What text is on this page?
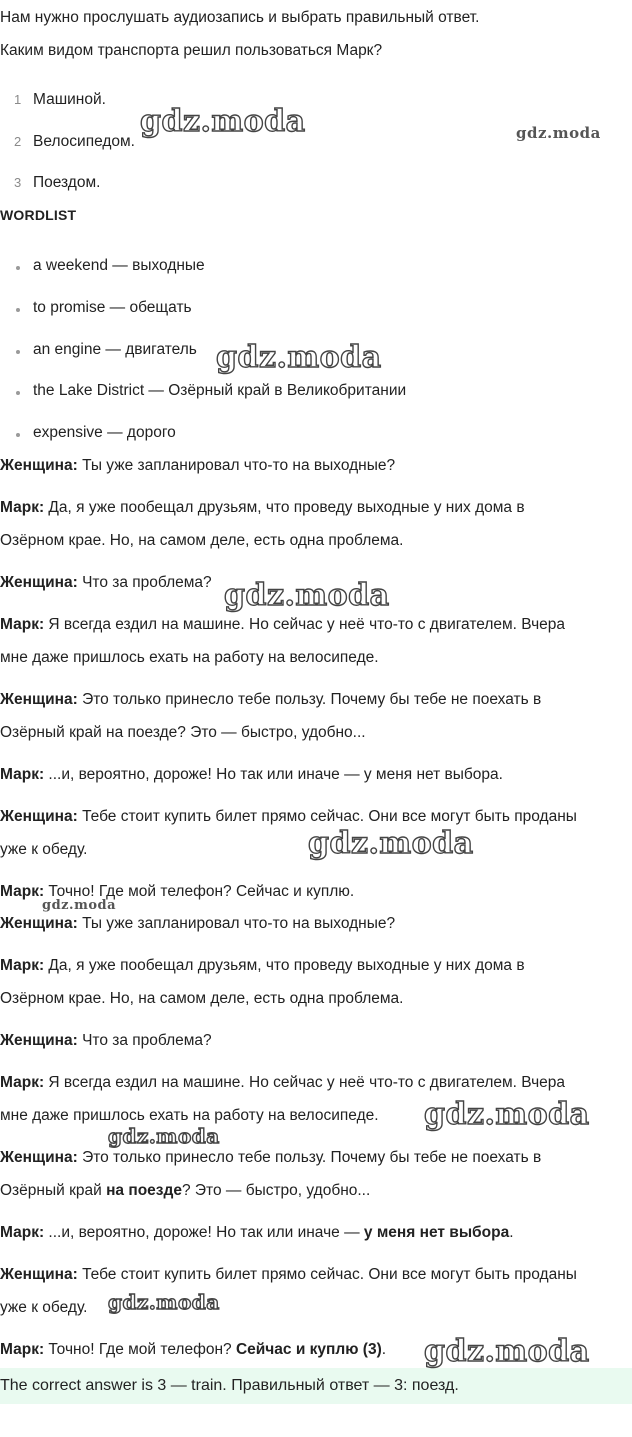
Нам нужно прослушать аудиозапись и выбрать правильный ответ.
Каким видом транспорта решил пользоваться Марк?
1 Машиной.
2 Велосипедом.
3 Поездом.
WORDLIST
a weekend — выходные
to promise — обещать
an engine — двигатель
the Lake District — Озёрный край в Великобритании
expensive — дорого
Женщина: Ты уже запланировал что-то на выходные?
Марк: Да, я уже пообещал друзьям, что проведу выходные у них дома в
Озёрном крае. Но, на самом деле, есть одна проблема.
Женщина: Что за проблема?
Марк: Я всегда ездил на машине. Но сейчас у неё что-то с двигателем. Вчера
мне даже пришлось ехать на работу на велосипеде.
Женщина: Это только принесло тебе пользу. Почему бы тебе не поехать в
Озёрный край на поезде? Это — быстро, удобно...
Марк: ...и, вероятно, дороже! Но так или иначе — у меня нет выбора.
Женщина: Тебе стоит купить билет прямо сейчас. Они все могут быть проданы
уже к обеду.
Марк: Точно! Где мой телефон? Сейчас и куплю.
Женщина: Ты уже запланировал что-то на выходные?
Марк: Да, я уже пообещал друзьям, что проведу выходные у них дома в
Озёрном крае. Но, на самом деле, есть одна проблема.
Женщина: Что за проблема?
Марк: Я всегда ездил на машине. Но сейчас у неё что-то с двигателем. Вчера
мне даже пришлось ехать на работу на велосипеде.
Женщина: Это только принесло тебе пользу. Почему бы тебе не поехать в
Озёрный край на поезде? Это — быстро, удобно...
Марк: ...и, вероятно, дороже! Но так или иначе — у меня нет выбора.
Женщина: Тебе стоит купить билет прямо сейчас. Они все могут быть проданы
уже к обеду.
Марк: Точно! Где мой телефон? Сейчас и куплю (3).
The correct answer is 3 — train. Правильный ответ — 3: поезд.
gdz.moda	gdz.moda
gdz.moda
gdz.moda
gdz.moda
gdz.moda
gdz.moda
gdz.moda
gdz.moda
gdz.moda
